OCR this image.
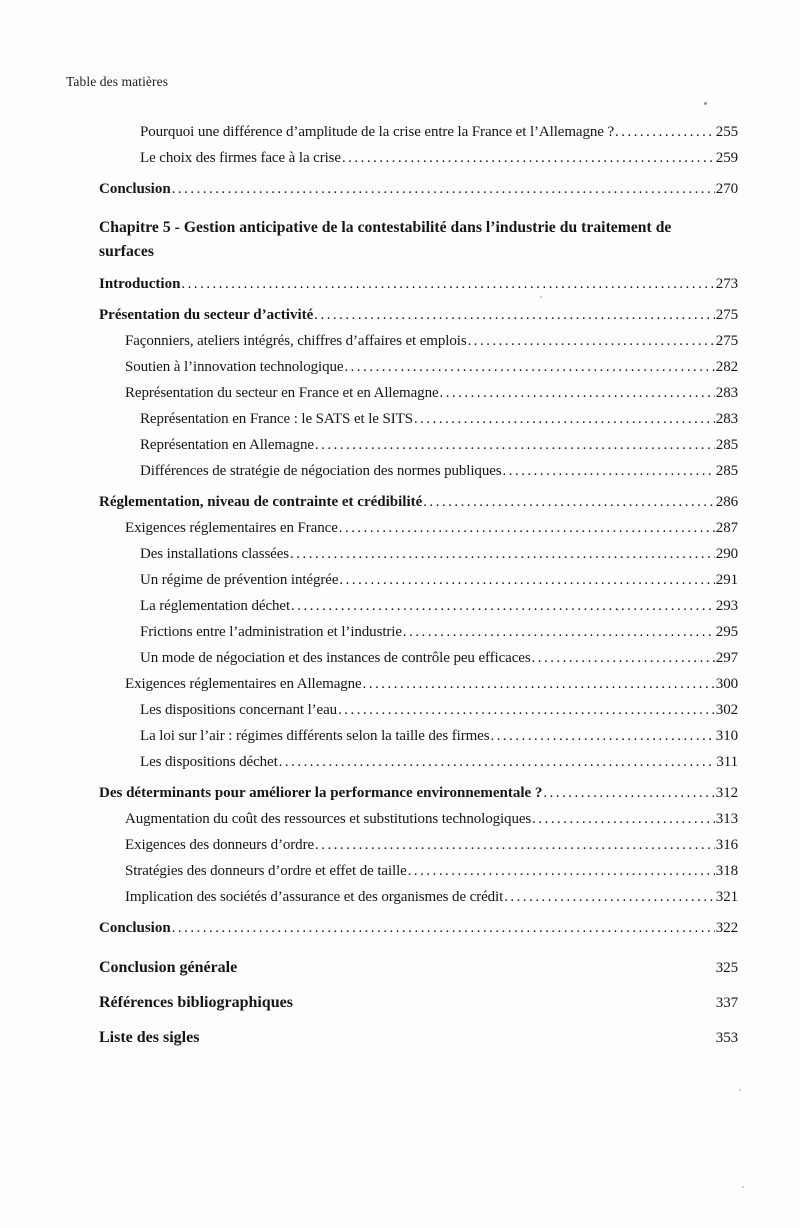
Table des matières
Pourquoi une différence d’amplitude de la crise entre la France et l’Allemagne ? .....	255
Le choix des firmes face à la crise .....	259
Conclusion .....	270
Chapitre 5 - Gestion anticipative de la contestabilité dans l’industrie du traitement de surfaces
Introduction .....	273
Présentation du secteur d’activité .....	275
Façonniers, ateliers intégrés, chiffres d’affaires et emplois .....	275
Soutien à l’innovation technologique .....	282
Représentation du secteur en France et en Allemagne .....	283
Représentation en France : le SATS et le SITS .....	283
Représentation en Allemagne .....	285
Différences de stratégie de négociation des normes publiques .....	285
Réglementation, niveau de contrainte et crédibilité .....	286
Exigences réglementaires en France .....	287
Des installations classées .....	290
Un régime de prévention intégrée .....	291
La réglementation déchet .....	293
Frictions entre l’administration et l’industrie .....	295
Un mode de négociation et des instances de contrôle peu efficaces .....	297
Exigences réglementaires en Allemagne .....	300
Les dispositions concernant l’eau .....	302
La loi sur l’air : régimes différents selon la taille des firmes .....	310
Les dispositions déchet .....	311
Des déterminants pour améliorer la performance environnementale ? .....	312
Augmentation du coût des ressources et substitutions technologiques .....	313
Exigences des donneurs d’ordre .....	316
Stratégies des donneurs d’ordre et effet de taille .....	318
Implication des sociétés d’assurance et des organismes de crédit .....	321
Conclusion .....	322
Conclusion générale	325
Références bibliographiques	337
Liste des sigles	353
